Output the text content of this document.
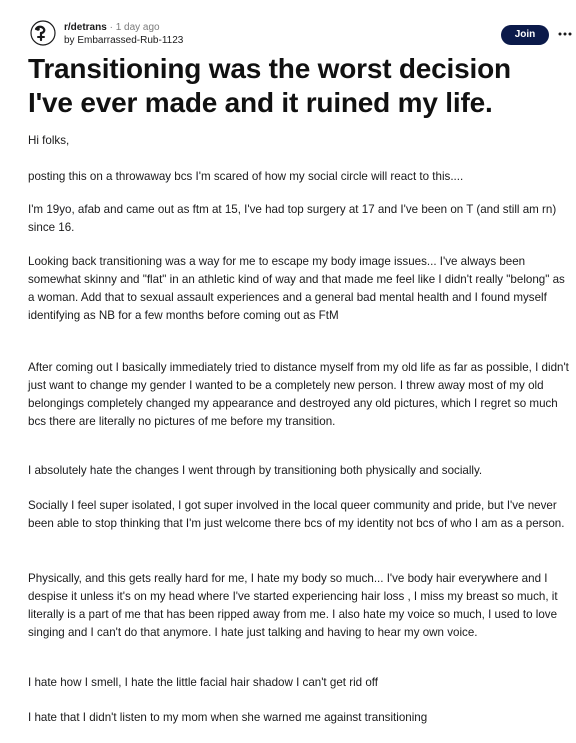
r/detrans · 1 day ago
by Embarrassed-Rub-1123
Join
Transitioning was the worst decision I've ever made and it ruined my life.

Hi folks,

posting this on a throwaway bcs I'm scared of how my social circle will react to this....

I'm 19yo, afab and came out as ftm at 15, I've had top surgery at 17 and I've been on T (and still am rn) since 16.

Looking back transitioning was a way for me to escape my body image issues... I've always been somewhat skinny and "flat" in an athletic kind of way and that made me feel like I didn't really "belong" as a woman. Add that to sexual assault experiences and a general bad mental health and I found myself identifying as NB for a few months before coming out as FtM

After coming out I basically immediately tried to distance myself from my old life as far as possible, I didn't just want to change my gender I wanted to be a completely new person. I threw away most of my old belongings completely changed my appearance and destroyed any old pictures, which I regret so much bcs there are literally no pictures of me before my transition.

I absolutely hate the changes I went through by transitioning both physically and socially.

Socially I feel super isolated, I got super involved in the local queer community and pride, but I've never been able to stop thinking that I'm just welcome there bcs of my identity not bcs of who I am as a person.

Physically, and this gets really hard for me, I hate my body so much... I've body hair everywhere and I despise it unless it's on my head where I've started experiencing hair loss , I miss my breast so much, it literally is a part of me that has been ripped away from me. I also hate my voice so much, I used to love singing and I can't do that anymore. I hate just talking and having to hear my own voice.

I hate how I smell, I hate the little facial hair shadow I can't get rid off

I hate that I didn't listen to my mom when she warned me against transitioning
